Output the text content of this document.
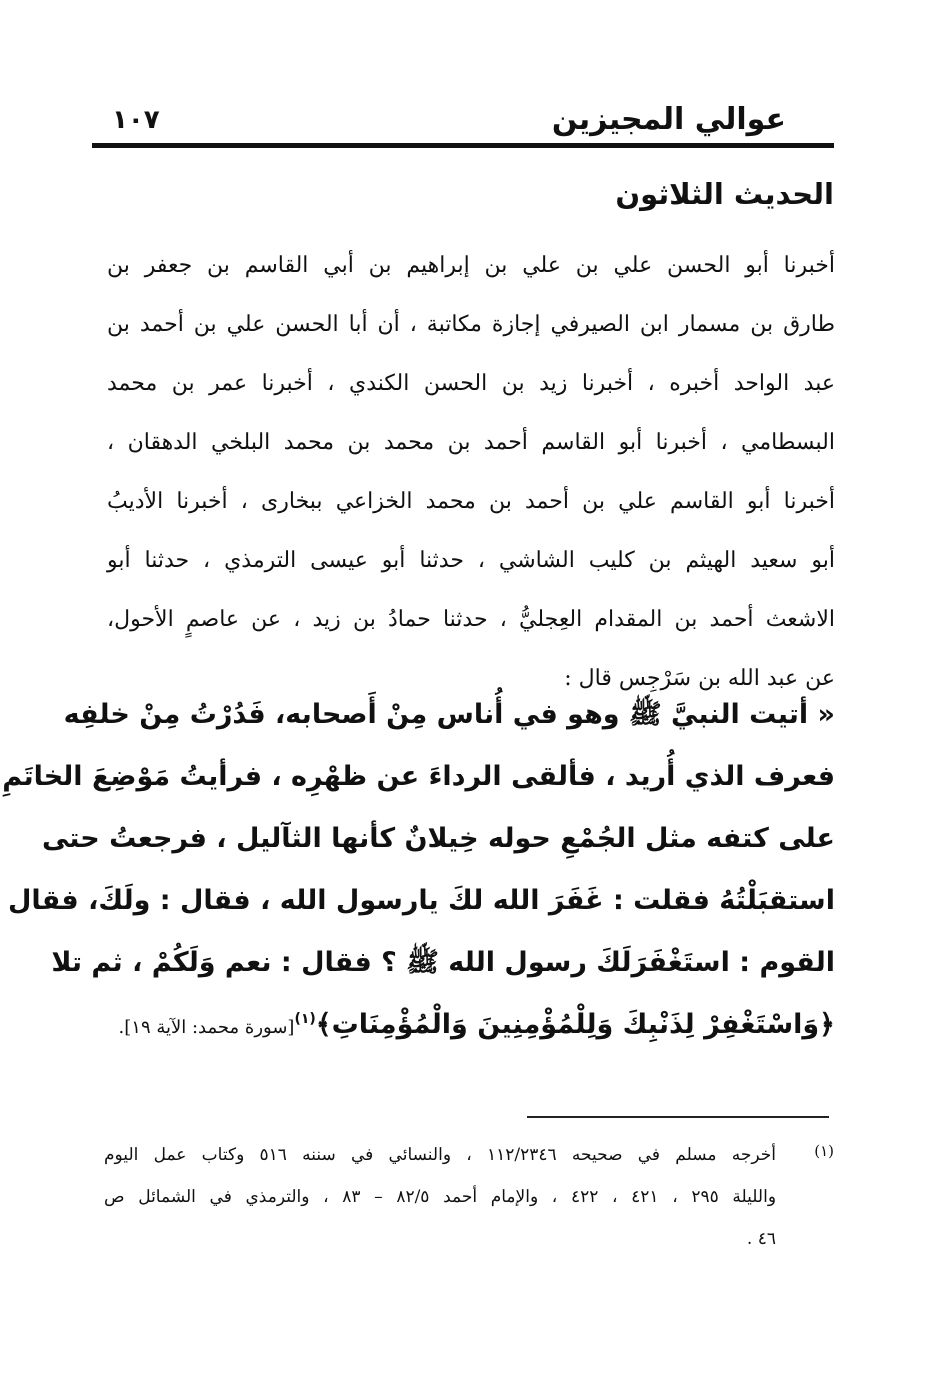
عوالي المجيزين
١٠٧
الحديث الثلاثون
أخبرنا أبو الحسن علي بن علي بن إبراهيم بن أبي القاسم بن جعفر بن
طارق بن مسمار ابن الصيرفي إجازة مكاتبة ، أن أبا الحسن علي بن أحمد بن
عبد الواحد أخبره ، أخبرنا زيد بن الحسن الكندي ، أخبرنا عمر بن محمد
البسطامي ، أخبرنا أبو القاسم أحمد بن محمد بن محمد البلخي الدهقان ،
أخبرنا أبو القاسم علي بن أحمد بن محمد الخزاعي ببخارى ، أخبرنا الأديبُ
أبو سعيد الهيثم بن كليب الشاشي ، حدثنا أبو عيسى الترمذي ، حدثنا أبو
الاشعث أحمد بن المقدام العِجليُّ ، حدثنا حمادُ بن زيد ، عن عاصمٍ الأحول،
عن عبد الله بن سَرْجِس قال :
« أتيت النبيَّ ﷺ وهو في أُناس مِنْ أَصحابه، فَدُرْتُ مِنْ خلفِه
فعرف الذي أُريد ، فألقى الرداءَ عن ظهْرِه ، فرأيتُ مَوْضِعَ الخاتَمِ
على كتفه مثل الجُمْعِ حوله خِيلانٌ كأنها الثآليل ، فرجعتُ حتى
استقبَلْتُهُ فقلت : غَفَرَ الله لكَ يارسول الله ، فقال : ولَكَ، فقال
القوم : استَغْفَرَلَكَ رسول الله ﷺ ؟ فقال : نعم وَلَكُمْ ، ثم تلا
﴿وَاسْتَغْفِرْ لِذَنْبِكَ وَلِلْمُؤْمِنِينَ وَالْمُؤْمِنَاتِ﴾$^{(١)}$[سورة محمد: الآية ١٩].
(١)
أخرجه مسلم في صحيحه ١١٢/٢٣٤٦ ، والنسائي في سننه ٥١٦ وكتاب عمل اليوم
والليلة ٢٩٥ ، ٤٢١ ، ٤٢٢ ، والإمام أحمد ٨٢/٥ – ٨٣ ، والترمذي في الشمائل ص
٤٦ .
